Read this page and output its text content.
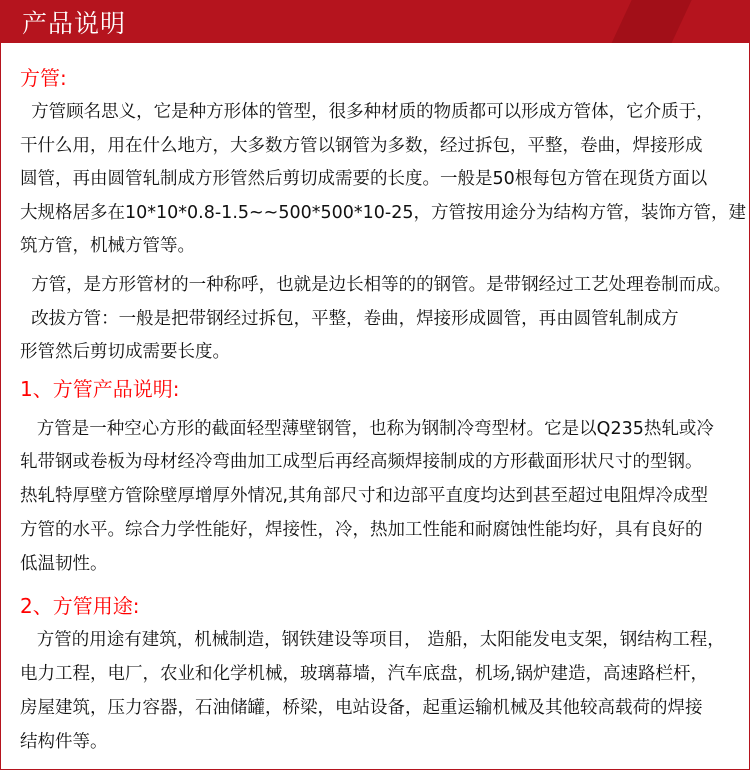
产品说明
方管:
方管顾名思义，它是种方形体的管型，很多种材质的物质都可以形成方管体，它介质于，
干什么用，用在什么地方，大多数方管以钢管为多数，经过拆包，平整，卷曲，焊接形成
圆管，再由圆管轧制成方形管然后剪切成需要的长度。一般是50根每包方管在现货方面以
大规格居多在10*10*0.8-1.5~~500*500*10-25，方管按用途分为结构方管，装饰方管，建
筑方管，机械方管等。
方管，是方形管材的一种称呼，也就是边长相等的的钢管。是带钢经过工艺处理卷制而成。
改拔方管：一般是把带钢经过拆包，平整，卷曲，焊接形成圆管，再由圆管轧制成方
形管然后剪切成需要长度。
1、方管产品说明:
方管是一种空心方形的截面轻型薄壁钢管，也称为钢制冷弯型材。它是以Q235热轧或冷
轧带钢或卷板为母材经冷弯曲加工成型后再经高频焊接制成的方形截面形状尺寸的型钢。
热轧特厚壁方管除壁厚增厚外情况,其角部尺寸和边部平直度均达到甚至超过电阻焊冷成型
方管的水平。综合力学性能好，焊接性，冷，热加工性能和耐腐蚀性能均好，具有良好的
低温韧性。
2、方管用途:
方管的用途有建筑，机械制造，钢铁建设等项目， 造船，太阳能发电支架，钢结构工程，
电力工程，电厂，农业和化学机械，玻璃幕墙，汽车底盘，机场,锅炉建造，高速路栏杆，
房屋建筑，压力容器，石油储罐，桥梁，电站设备，起重运输机械及其他较高载荷的焊接
结构件等。
